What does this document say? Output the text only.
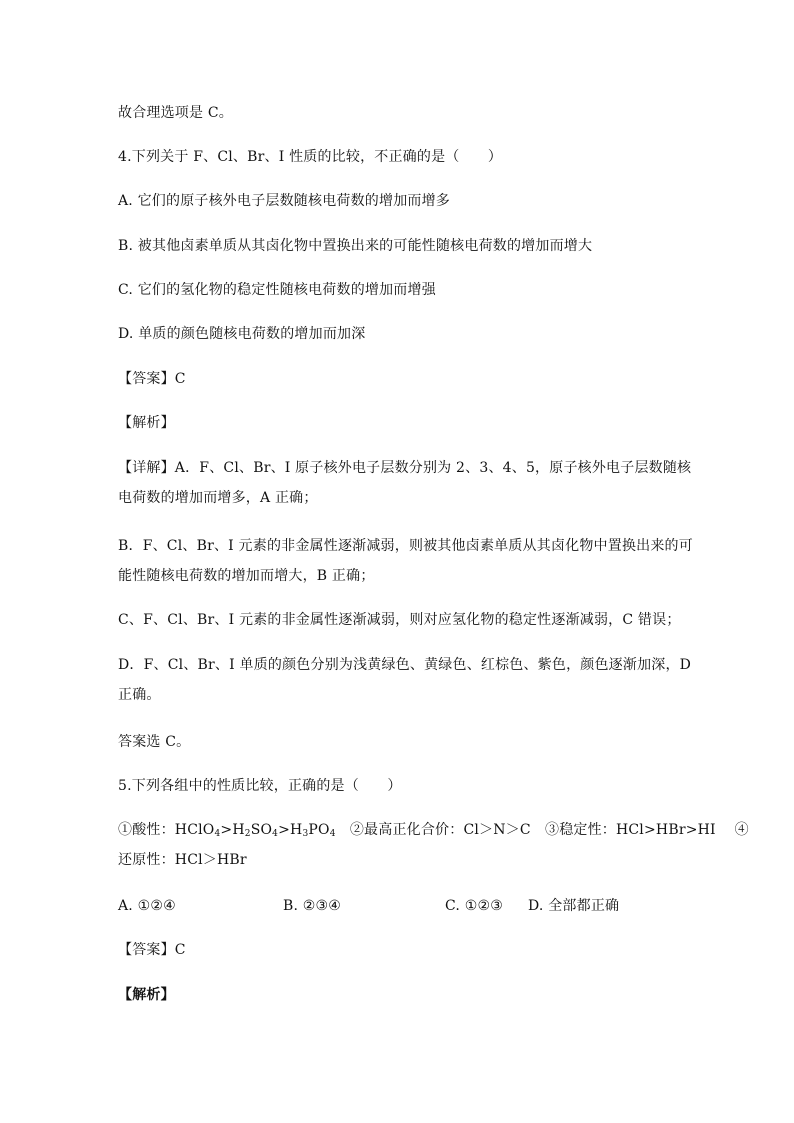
故合理选项是 C。
4.下列关于 F、Cl、Br、I 性质的比较，不正确的是（　　）
A. 它们的原子核外电子层数随核电荷数的增加而增多
B. 被其他卤素单质从其卤化物中置换出来的可能性随核电荷数的增加而增大
C. 它们的氢化物的稳定性随核电荷数的增加而增强
D. 单质的颜色随核电荷数的增加而加深
【答案】C
【解析】
【详解】A．F、Cl、Br、I 原子核外电子层数分别为 2、3、4、5，原子核外电子层数随核
电荷数的增加而增多，A 正确；
B．F、Cl、Br、I 元素的非金属性逐渐减弱，则被其他卤素单质从其卤化物中置换出来的可
能性随核电荷数的增加而增大，B 正确；
C、F、Cl、Br、I 元素的非金属性逐渐减弱，则对应氢化物的稳定性逐渐减弱，C 错误；
D．F、Cl、Br、I 单质的颜色分别为浅黄绿色、黄绿色、红棕色、紫色，颜色逐渐加深，D
正确。
答案选 C。
5.下列各组中的性质比较，正确的是（　　）
①酸性：$HClO_4>H_2SO_4>H_3PO_4$　②最高正化合价：Cl＞N＞C　③稳定性：HCl>HBr>HI　 ④
还原性：HCl＞HBr
A. ①②④	B. ②③④	C. ①②③ D. 全部都正确
【答案】C
【解析】
